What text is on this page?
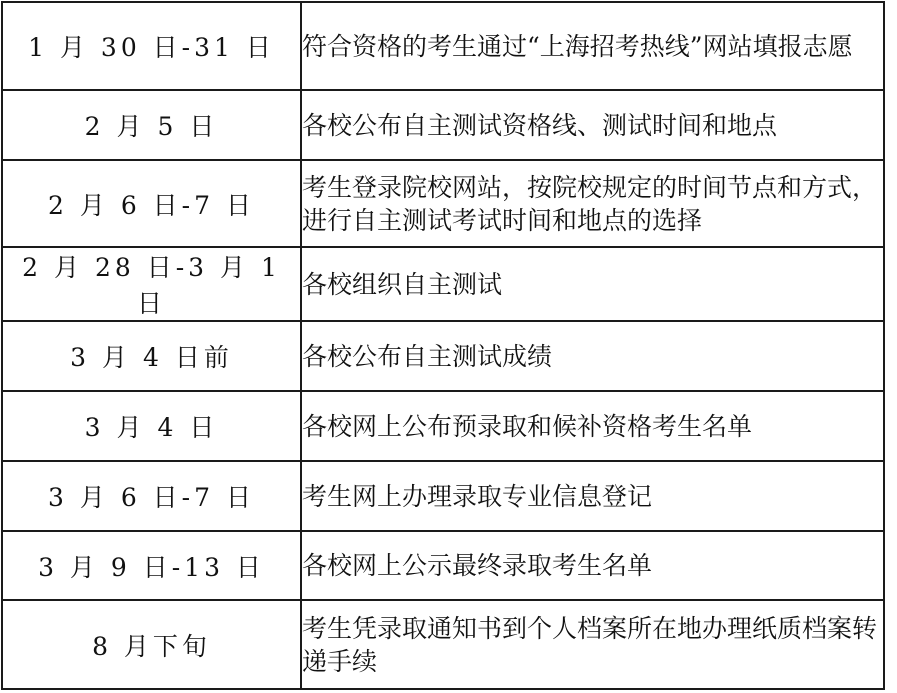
1 月 30 日-31 日	符合资格的考生通过“上海招考热线”网站填报志愿
2 月 5 日	各校公布自主测试资格线、测试时间和地点
2 月 6 日-7 日	考生登录院校网站，按院校规定的时间节点和方式，进行自主测试考试时间和地点的选择
2 月 28 日-3 月 1 日	各校组织自主测试
3 月 4 日前	各校公布自主测试成绩
3 月 4 日	各校网上公布预录取和候补资格考生名单
3 月 6 日-7 日	考生网上办理录取专业信息登记
3 月 9 日-13 日	各校网上公示最终录取考生名单
8 月下旬	考生凭录取通知书到个人档案所在地办理纸质档案转递手续
